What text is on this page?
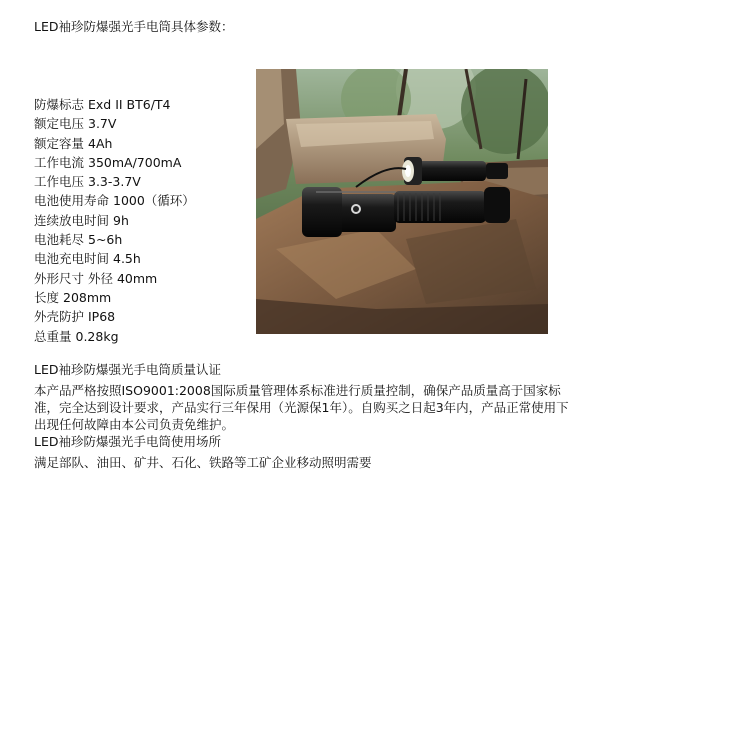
LED袖珍防爆强光手电筒具体参数：
防爆标志 Exd II BT6/T4
额定电压 3.7V
额定容量 4Ah
工作电流 350mA/700mA
工作电压 3.3-3.7V
电池使用寿命 1000（循环）
连续放电时间 9h
电池耗尽 5~6h
电池充电时间 4.5h
外形尺寸 外径 40mm
长度 208mm
外壳防护 IP68
总重量 0.28kg
LED袖珍防爆强光手电筒质量认证

本产品严格按照ISO9001:2008国际质量管理体系标准进行质量控制，确保产品质量高于国家标准，完全达到设计要求，产品实行三年保用（光源保1年）。自购买之日起3年内，产品正常使用下出现任何故障由本公司负责免维护。

LED袖珍防爆强光手电筒使用场所

满足部队、油田、矿井、石化、铁路等工矿企业移动照明需要
